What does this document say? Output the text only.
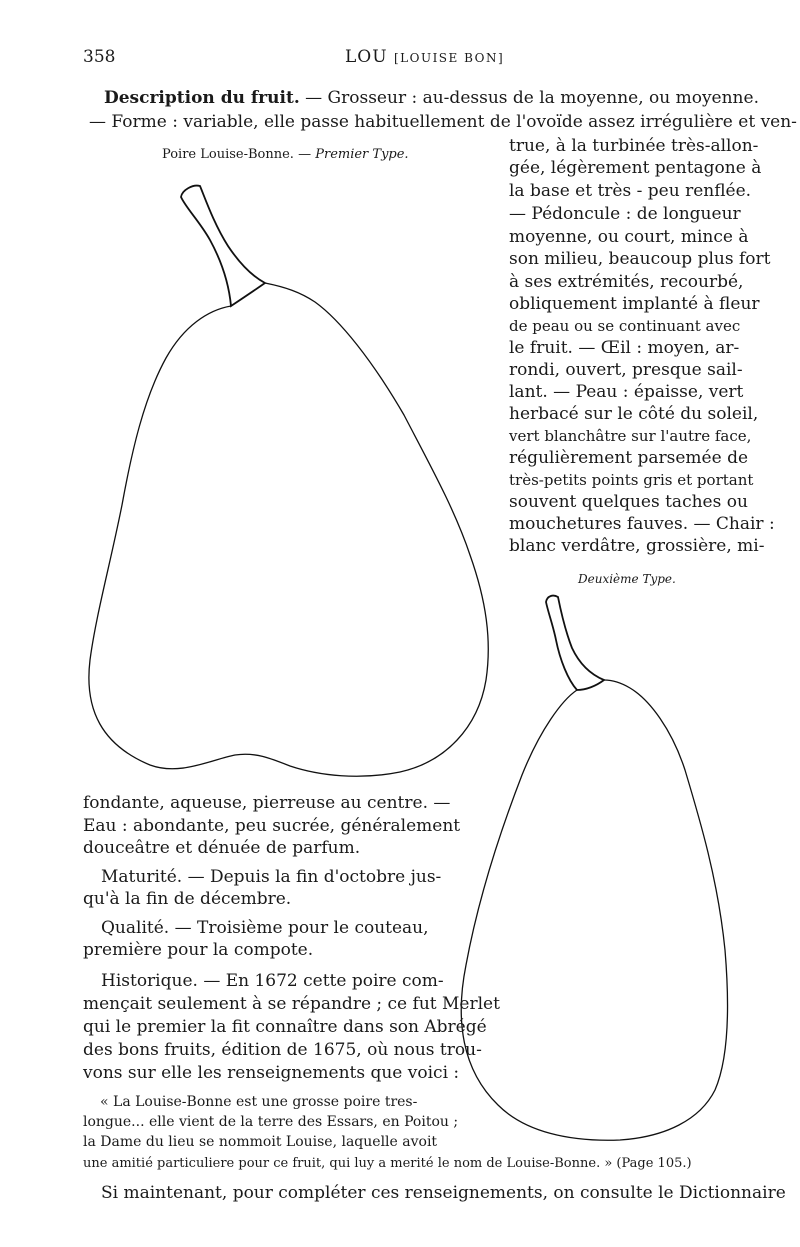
358	LOU [LOUISE BON]
Poire Louise-Bonne. — Premier Type.
Deuxième Type.
Description du fruit. — Grosseur : au-dessus de la moyenne, ou moyenne.
— Forme : variable, elle passe habituellement de l'ovoïde assez irrégulière et ven-
true, à la turbinée très-allon-
gée, légèrement pentagone à
la base et très - peu renflée.
— Pédoncule : de longueur
moyenne, ou court, mince à
son milieu, beaucoup plus fort
à ses extrémités, recourbé,
obliquement implanté à fleur
de peau ou se continuant avec
le fruit. — Œil : moyen, ar-
rondi, ouvert, presque sail-
lant. — Peau : épaisse, vert
herbacé sur le côté du soleil,
vert blanchâtre sur l'autre face,
régulièrement parsemée de
très-petits points gris et portant
souvent quelques taches ou
mouchetures fauves. — Chair :
blanc verdâtre, grossière, mi-
fondante, aqueuse, pierreuse au centre. —
Eau : abondante, peu sucrée, généralement
douceâtre et dénuée de parfum.
Maturité. — Depuis la fin d'octobre jus-
qu'à la fin de décembre.
Qualité. — Troisième pour le couteau,
première pour la compote.
Historique. — En 1672 cette poire com-
mençait seulement à se répandre ; ce fut Merlet
qui le premier la fit connaître dans son Abrégé
des bons fruits, édition de 1675, où nous trou-
vons sur elle les renseignements que voici :
« La Louise-Bonne est une grosse poire tres-
longue... elle vient de la terre des Essars, en Poitou ;
la Dame du lieu se nommoit Louise, laquelle avoit
une amitié particuliere pour ce fruit, qui luy a merité le nom de Louise-Bonne. » (Page 105.)
Si maintenant, pour compléter ces renseignements, on consulte le Dictionnaire
